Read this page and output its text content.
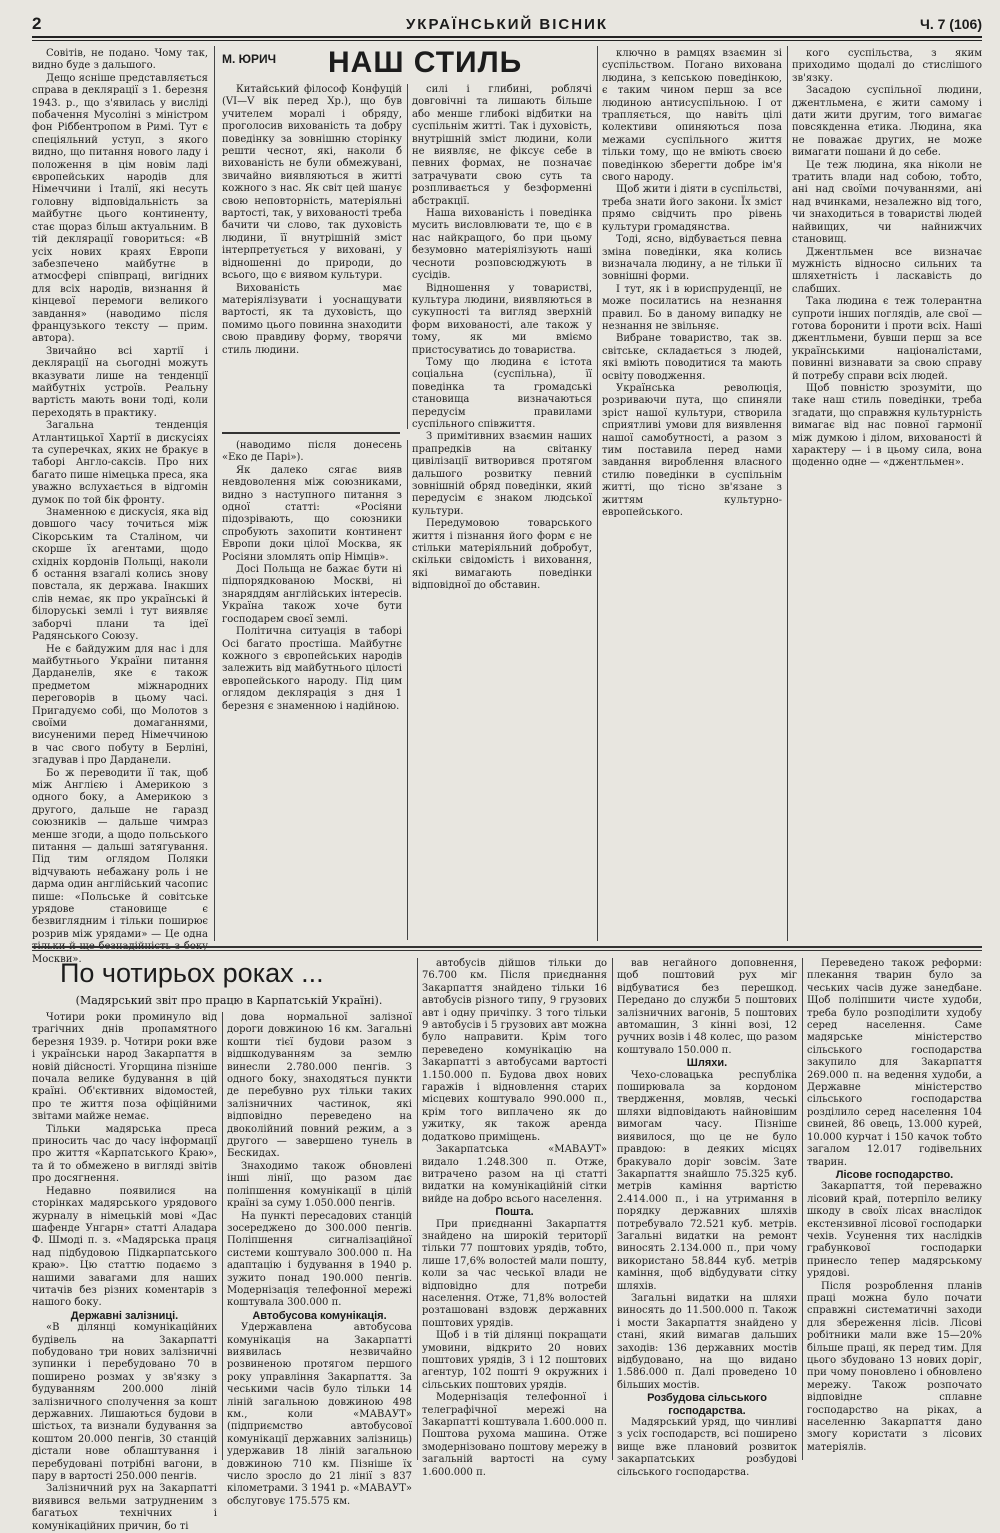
2	УКРАЇНСЬКИЙ ВІСНИК	Ч. 7 (106)

Совітів, не подано. Чому так, видно буде з дальшого.

Дещо ясніше представляється справа в деклярації з 1. березня 1943. р., що з'явилась у висліді побачення Мусоліні з міністром фон Ріббентропом в Римі. Тут є спеціяльний уступ, з якого видно, що питання нового ладу і положення в цім новім ладі європейських народів для Німеччини і Італії, які несуть головну відповідальність за майбутнє цього континенту, стає щораз більш актуальним. В тій деклярації говориться: «В усіх нових краях Европи забезпечено майбутнє в атмосфері співпраці, вигідних для всіх народів, визнання й кінцевої перемоги великого завдання» (наводимо після французького тексту — прим. автора).

Звичайно всі хартії і деклярації на сьогодні можуть вказувати лише на тенденції майбутніх устроїв. Реальну вартість мають вони тоді, коли переходять в практику.

Загальна тенденція Атлантицької Хартії в дискусіях та суперечках, яких не бракує в таборі Англо-саксів. Про них багато пише німецька преса, яка уважно вслухається в відгомін думок по той бік фронту.

Знаменною є дискусія, яка від довшого часу точиться між Сікорським та Сталіном, чи скорше їх агентами, щодо східніх кордонів Польщі, наколи б остання взагалі колись знову повстала, як держава. Інакших слів немає, як про українські й білоруські землі і тут виявляє заборчі плани та ідеї Радянського Союзу.

Не є байдужим для нас і для майбутнього України питання Дарданелів, яке є також предметом міжнародних переговорів в цьому часі. Пригадуємо собі, що Молотов з своїми домаганнями, висуненими перед Німеччиною в час свого побуту в Берліні, згадував і про Дарданели.

Бо ж переводити її так, щоб між Англією і Америкою з одного боку, а Америкою з другого, дальше не гаразд союзників — дальше чимраз менше згоди, а щодо польського питання — дальші затягування. Під тим оглядом Поляки відчувають небажану роль і не дарма один англійський часопис пише: «Польське й совітське урядове становище є безвиглядним і тільки поширює розрив між урядами» — Це одна тільки й ще безнадійність з боку Москви».

М. ЮРИЧ НАШ СТИЛЬ

Китайський філософ Конфуцій (VI—V вік перед Хр.), що був учителем моралі і обряду, проголосив вихованість та добру поведінку за зовнішню сторінку решти чеснот, які, наколи б вихованість не були обмежувані, звичайно виявляються в житті кожного з нас. Як світ цей шанує свою неповторність, матеріяльні вартості, так, у вихованості треба бачити чи слово, так духовість людини, її внутрішній зміст інтерпретується у виховані, у відношенні до природи, до всього, що є виявом культури.

Вихованість має матеріялізувати і уоснащувати вартості, як та духовість, що помимо цього повинна знаходити свою правдиву форму, творячи стиль людини.

силі і глибині, роблячі довговічні та лишають більше або менше глибокі відбитки на суспільнім житті. Так і духовість, внутрішній зміст людини, коли не виявляє, не фіксує себе в певних формах, не позначає затрачувати свою суть та розпливається у безформенні абстракції.

Наша вихованість і поведінка мусить висловлювати те, що є в нас найкращого, бо при цьому безумовно матеріялізують наші чесноти розповсюджують в сусідів.

Відношення у товаристві, культура людини, виявляються в сукупності та вигляд зверхній форм вихованості, але також у тому, як ми вміємо пристосуватись до товариства.

Тому що людина є істота соціальна (суспільна), її поведінка та громадські становища визначаються передусім правилами суспільного співжиття.

З примітивних взаємин наших прапредків на світанку цивілізації витворився протягом дальшого розвитку певний зовнішній обряд поведінки, який передусім є знаком людської культури.

Передумовою товарського життя і пізнання його форм є не стільки матеріяльний добробут, скільки свідомість і виховання, які вимагають поведінки відповідної до обставин.

(наводимо після донесень «Еко де Парі»).

Як далеко сягає вияв невдоволення між союзниками, видно з наступного питання з одної статті: «Росіяни підозрівають, що союзники спробують захопити континент Европи доки цілої Москва, як Росіяни зломлять опір Німців».

Досі Польща не бажає бути ні підпорядкованою Москві, ні знаряддям англійських інтересів. Україна також хоче бути господарем своєї землі.

Політична ситуація в таборі Осі багато простіша. Майбутнє кожного з європейських народів залежить від майбутнього цілості европейського народу. Під цим оглядом деклярація з дня 1 березня є знаменною і надійною.

ключно в рамцях взаємин зі суспільством. Погано вихована людина, з кепською поведінкою, є таким чином перш за все людиною антисуспільною. І от трапляється, що навіть цілі колективи опиняються поза межами суспільного життя тільки тому, що не вміють своєю поведінкою зберегти добре ім'я свого народу.

Щоб жити і діяти в суспільстві, треба знати його закони. Їх зміст прямо свідчить про рівень культури громадянства.

Тоді, ясно, відбувається певна зміна поведінки, яка колись визначала людину, а не тільки її зовнішні форми.

І тут, як і в юриспруденції, не може посилатись на незнання правил. Бо в даному випадку не незнання не звільняє.

Вибране товариство, так зв. світське, складається з людей, які вміють поводитися та мають освіту поводження.

Українська революція, розриваючи пута, що спиняли зріст нашої культури, створила сприятливі умови для виявлення нашої самобутності, а разом з тим поставила перед нами завдання вироблення власного стилю поведінки в суспільнім житті, що тісно зв'язане з життям культурно-европейського.

кого суспільства, з яким приходимо щодалі до стислішого зв'язку.

Засадою суспільної людини, джентльмена, є жити самому і дати жити другим, того вимагає повсякденна етика. Людина, яка не поважає других, не може вимагати пошани й до себе.

Це теж людина, яка ніколи не тратить влади над собою, тобто, ані над своїми почуваннями, ані над вчинками, незалежно від того, чи знаходиться в товаристві людей найвищих, чи найнижчих становищ.

Джентльмен все визначає мужність відносно сильних та шляхетність і ласкавість до слабших.

Така людина є теж толерантна супроти інших поглядів, але свої — готова боронити і проти всіх. Наші джентльмени, бувши перш за все українськими націоналістами, повинні визнавати за свою справу й потребу справи всіх людей.

Щоб повністю зрозуміти, що таке наш стиль поведінки, треба згадати, що справжня культурність вимагає від нас повної гармонії між думкою і ділом, вихованості й характеру — і в цьому сила, вона щоденно одне — «джентльмен».

По чотирьох роках ...
(Мадярський звіт про працю в Карпатській Україні).

Чотири роки проминуло від трагічних днів пропамятного березня 1939. р. Чотири роки вже і українськи народ Закарпаття в новій дійсності. Угорщина пізніше почала велике будування в цій країні. Об'єктивних відомостей, про те життя поза офіційними звітами майже немає.

Тільки мадярська преса приносить час до часу інформації про життя «Карпатського Краю», та й то обмежено в вигляді звітів про досягнення.

Недавно появилися на сторінках мадярського урядового журналу в німецькій мові «Дас шафенде Унгарн» статті Аладара Ф. Шмоді п. з. «Мадярська праця над підбудовою Підкарпатського краю». Цю статтю подаємо з нашими завагами для наших читачів без різних коментарів з нашого боку.

Державні залізниці.

«В ділянці комунікаційних будівель на Закарпатті побудовано три нових залізничні зупинки і перебудовано 70 в поширено розмах у зв'язку з будуванням 200.000 ліній залізничного сполучення за кошт державних. Лишаються будови в шістьох, та визнали будування за коштом 20.000 пенгів, 30 станцій дістали нове облаштування і перебудовані потрібні вагони, в пару в вартості 250.000 пенгів.

Залізничний рух на Закарпатті виявився вельми затрудненим з багатьох технічних і комунікаційних причин, бо ті

дова нормальної залізної дороги довжиною 16 км. Загальні кошти тієї будови разом з відшкодуванням за землю винесли 2.780.000 пенгів. З одного боку, знаходяться пункти де перебувно рух тільки таких залізничних частинок, які відповідно переведено на двоколійний повний режим, а з другого — завершено тунель в Бескидах.

Знаходимо також обновлені інші лінії, що разом дає поліпшення комунікації в цілій країні за суму 1.050.000 пенгів.

На пункті пересадових станцій зосереджено до 300.000 пенгів. Поліпшення сигналізаційної системи коштувало 300.000 п. На адаптацію і будування в 1940 р. зужито понад 190.000 пенгів. Модернізація телефонної мережі коштувала 300.000 п.

Автобусова комунікація.

Удержавлена автобусова комунікація на Закарпатті виявилась незвичайно розвиненою протягом першого року управління Закарпаття. За чеськими часів було тільки 14 ліній загальною довжиною 498 км., коли «МАВАУТ» (підприємство автобусової комунікації державних залізниць) удержавив 18 ліній загальною довжиною 710 км. Пізніше їх число зросло до 21 лінії з 837 кілометрами. З 1941 р. «МАВАУТ» обслуговує 175.575 км.

автобусів дійшов тільки до 76.700 км. Після приєднання Закарпаття знайдено тільки 16 автобусів різного типу, 9 грузових авт і одну причіпку. З того тільки 9 автобусів і 5 грузових авт можна було направити. Крім того переведено комунікацію на Закарпатті з автобусами вартості 1.150.000 п. Будова двох нових гаражів і відновлення старих місцевих коштувало 990.000 п., крім того виплачено як до ужитку, як також аренда додатково приміщень.

Закарпатська «МАВАУТ» видало 1.248.300 п. Отже, витрачено разом на ці статті видатки на комунікаційній сітки вийде на добро всього населення.

Пошта.

При приєднанні Закарпаття знайдено на широкій території тільки 77 поштових урядів, тобто, лише 17,6% волостей мали пошту, коли за час чеської влади не відповідно для потреби населення. Отже, 71,8% волостей розташовані вздовж державних поштових урядів.

Щоб і в тій ділянці покращати умовини, відкрито 20 нових поштових урядів, 3 і 12 поштових агентур, 102 пошті 9 окружних і сільських поштових урядів.

Модернізація телефонної і телеграфічної мережі на Закарпатті коштувала 1.600.000 п. Поштова рухома машина. Отже змодернізовано поштову мережу в загальній вартості на суму 1.600.000 п.

вав негайного доповнення, щоб поштовий рух міг відбуватися без перешкод. Передано до служби 5 поштових залізничних вагонів, 5 поштових автомашин, 3 кінні возі, 12 ручних возів і 48 колес, що разом коштувало 150.000 п.

Шляхи.

Чехо-словацька республіка поширювала за кордоном твердження, мовляв, чеські шляхи відповідають найновішим вимогам часу. Пізніше виявилося, що це не було правдою: в деяких місцях бракувало доріг зовсім. Зате Закарпаття знайшло 75.325 куб. метрів каміння вартістю 2.414.000 п., і на утримання в порядку державних шляхів потребувало 72.521 куб. метрів. Загальні видатки на ремонт виносять 2.134.000 п., при чому використано 58.844 куб. метрів каміння, щоб відбудувати сітку шляхів.

Загальні видатки на шляхи виносять до 11.500.000 п. Також і мости Закарпаття знайдено у стані, який вимагав дальших заходів: 136 державних мостів відбудовано, на що видано 1.586.000 п. Далі проведено 10 більших мостів.

Розбудова сільського господарства.

Мадярський уряд, що чинливі з усіх господарств, всі поширено вище вже плановий розвиток закарпатських розбудові сільського господарства.

Переведено також реформи: плекання тварин було за чеських часів дуже занедбане. Щоб поліпшити чисте худоби, треба було розподілити худобу серед населення. Саме мадярське міністерство сільського господарства закупило для Закарпаття 269.000 п. на ведення худоби, а Державне міністерство сільського господарства розділило серед населення 104 свиней, 86 овець, 13.000 курей, 10.000 курчат і 150 качок тобто загалом 12.017 годівельних тварин.

Лісове господарство.

Закарпаття, той переважно лісовий край, потерпіло велику шкоду в своїх лісах внаслідок екстензивної лісової господарки чехів. Усунення тих наслідків грабункової господарки принесло тепер мадярському урядові.

Після розроблення планів праці можна було почати справжні систематичні заходи для збереження лісів. Лісові робітники мали вже 15—20% більше праці, як перед тим. Для цього збудовано 13 нових доріг, при чому поновлено і обновлено мережу. Також розпочато відповідне сплавне господарство на ріках, а населенню Закарпаття дано змогу користати з лісових матеріялів.
